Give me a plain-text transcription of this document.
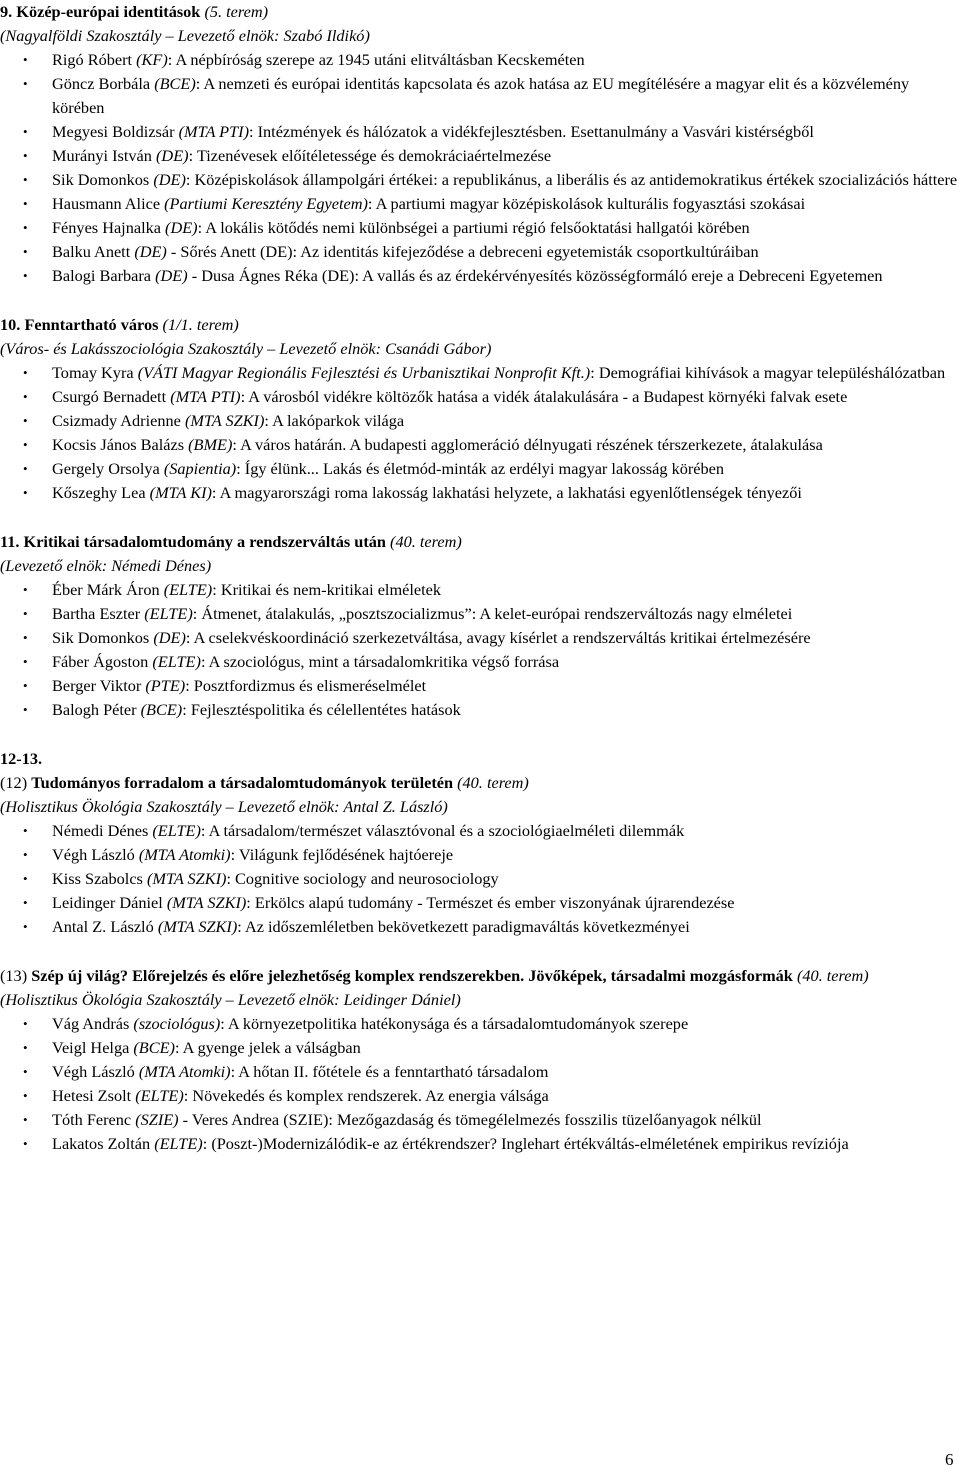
9. Közép-európai identitások (5. terem)
(Nagyalföldi Szakosztály – Levezető elnök: Szabó Ildikó)
• Rigó Róbert (KF): A népbíróság szerepe az 1945 utáni elitváltásban Kecskeméten
• Göncz Borbála (BCE): A nemzeti és európai identitás kapcsolata és azok hatása az EU megítélésére a magyar elit és a közvélemény körében
• Megyesi Boldizsár (MTA PTI): Intézmények és hálózatok a vidékfejlesztésben. Esettanulmány a Vasvári kistérségből
• Murányi István (DE): Tizenévesek előítéletessége és demokráciaértelmezése
• Sik Domonkos (DE): Középiskolások állampolgári értékei: a republikánus, a liberális és az antidemokratikus értékek szocializációs háttere
• Hausmann Alice (Partiumi Keresztény Egyetem): A partiumi magyar középiskolások kulturális fogyasztási szokásai
• Fényes Hajnalka (DE): A lokális kötődés nemi különbségei a partiumi régió felsőoktatási hallgatói körében
• Balku Anett (DE) - Sőrés Anett (DE): Az identitás kifejeződése a debreceni egyetemisták csoportkultúráiban
• Balogi Barbara (DE) - Dusa Ágnes Réka (DE): A vallás és az érdekérvényesítés közösségformáló ereje a Debreceni Egyetemen
10. Fenntartható város (1/1. terem)
(Város- és Lakásszociológia Szakosztály – Levezető elnök: Csanádi Gábor)
• Tomay Kyra (VÁTI Magyar Regionális Fejlesztési és Urbanisztikai Nonprofit Kft.): Demográfiai kihívások a magyar településhálózatban
• Csurgó Bernadett (MTA PTI): A városból vidékre költözők hatása a vidék átalakulására - a Budapest környéki falvak esete
• Csizmady Adrienne (MTA SZKI): A lakóparkok világa
• Kocsis János Balázs (BME): A város határán. A budapesti agglomeráció délnyugati részének térszerkezete, átalakulása
• Gergely Orsolya (Sapientia): Így élünk... Lakás és életmód-minták az erdélyi magyar lakosság körében
• Kőszeghy Lea (MTA KI): A magyarországi roma lakosság lakhatási helyzete, a lakhatási egyenlőtlenségek tényezői
11. Kritikai társadalomtudomány a rendszerváltás után (40. terem)
(Levezető elnök: Némedi Dénes)
• Éber Márk Áron (ELTE): Kritikai és nem-kritikai elméletek
• Bartha Eszter (ELTE): Átmenet, átalakulás, „posztszocializmus”: A kelet-európai rendszerváltozás nagy elméletei
• Sik Domonkos (DE): A cselekvéskoordináció szerkezetváltása, avagy kísérlet a rendszerváltás kritikai értelmezésére
• Fáber Ágoston (ELTE): A szociológus, mint a társadalomkritika végső forrása
• Berger Viktor (PTE): Posztfordizmus és elismeréselmélet
• Balogh Péter (BCE): Fejlesztéspolitika és célellentétes hatások
12-13.
(12) Tudományos forradalom a társadalomtudományok területén (40. terem)
(Holisztikus Ökológia Szakosztály – Levezető elnök: Antal Z. László)
• Némedi Dénes (ELTE): A társadalom/természet választóvonal és a szociológiaelméleti dilemmák
• Végh László (MTA Atomki): Világunk fejlődésének hajtóereje
• Kiss Szabolcs (MTA SZKI): Cognitive sociology and neurosociology
• Leidinger Dániel (MTA SZKI): Erkölcs alapú tudomány - Természet és ember viszonyának újrarendezése
• Antal Z. László (MTA SZKI): Az időszemléletben bekövetkezett paradigmaváltás következményei
(13) Szép új világ? Előrejelzés és előre jelezhetőség komplex rendszerekben. Jövőképek, társadalmi mozgásformák (40. terem)
(Holisztikus Ökológia Szakosztály – Levezető elnök: Leidinger Dániel)
• Vág András (szociológus): A környezetpolitika hatékonysága és a társadalomtudományok szerepe
• Veigl Helga (BCE): A gyenge jelek a válságban
• Végh László (MTA Atomki): A hőtan II. főtétele és a fenntartható társadalom
• Hetesi Zsolt (ELTE): Növekedés és komplex rendszerek. Az energia válsága
• Tóth Ferenc (SZIE) - Veres Andrea (SZIE): Mezőgazdaság és tömegélelmezés fosszilis tüzelőanyagok nélkül
• Lakatos Zoltán (ELTE): (Poszt-)Modernizálódik-e az értékrendszer? Inglehart értékváltás-elméletének empirikus revíziója
6
